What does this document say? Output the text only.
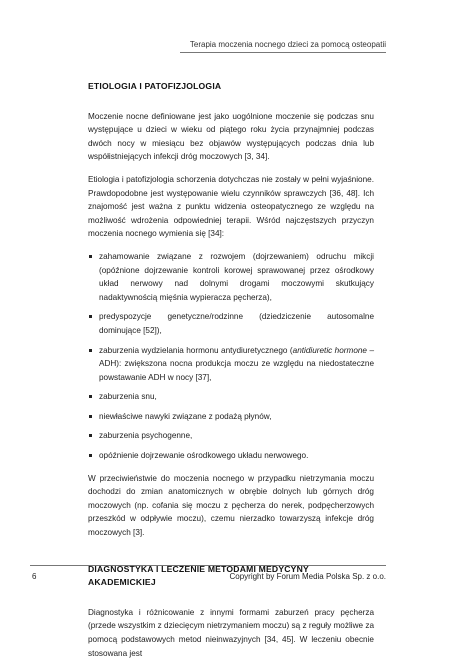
Terapia moczenia nocnego dzieci za pomocą osteopatii
ETIOLOGIA I PATOFIZJOLOGIA

Moczenie nocne definiowane jest jako uogólnione moczenie się podczas snu występujące u dzieci w wieku od piątego roku życia przynajmniej podczas dwóch nocy w miesiącu bez objawów występujących podczas dnia lub współistniejących infekcji dróg moczowych [3, 34].

Etiologia i patofizjologia schorzenia dotychczas nie zostały w pełni wyjaśnione. Prawdopodobne jest występowanie wielu czynników sprawczych [36, 48]. Ich znajomość jest ważna z punktu widzenia osteopatycznego ze względu na możliwość wdrożenia odpowiedniej terapii. Wśród najczęstszych przyczyn moczenia nocnego wymienia się [34]:

zahamowanie związane z rozwojem (dojrzewaniem) odruchu mikcji (opóźnione dojrzewanie kontroli korowej sprawowanej przez ośrodkowy układ nerwowy nad dolnymi drogami moczowymi skutkujący nadaktywnością mięśnia wypieracza pęcherza),
predyspozycje genetyczne/rodzinne (dziedziczenie autosomalne dominujące [52]),
zaburzenia wydzielania hormonu antydiuretycznego (antidiuretic hormone – ADH): zwiększona nocna produkcja moczu ze względu na niedostateczne powstawanie ADH w nocy [37],
zaburzenia snu,
niewłaściwe nawyki związane z podażą płynów,
zaburzenia psychogenne,
opóźnienie dojrzewanie ośrodkowego układu nerwowego.

W przeciwieństwie do moczenia nocnego w przypadku nietrzymania moczu dochodzi do zmian anatomicznych w obrębie dolnych lub górnych dróg moczowych (np. cofania się moczu z pęcherza do nerek, podpęcherzowych przeszkód w odpływie moczu), czemu nierzadko towarzyszą infekcje dróg moczowych [3].

DIAGNOSTYKA I LECZENIE METODAMI MEDYCYNY AKADEMICKIEJ

Diagnostyka i różnicowanie z innymi formami zaburzeń pracy pęcherza (przede wszystkim z dziecięcym nietrzymaniem moczu) są z reguły możliwe za pomocą podstawowych metod nieinwazyjnych [34, 45]. W leczeniu obecnie stosowana jest

6	Copyright by Forum Media Polska Sp. z o.o.
